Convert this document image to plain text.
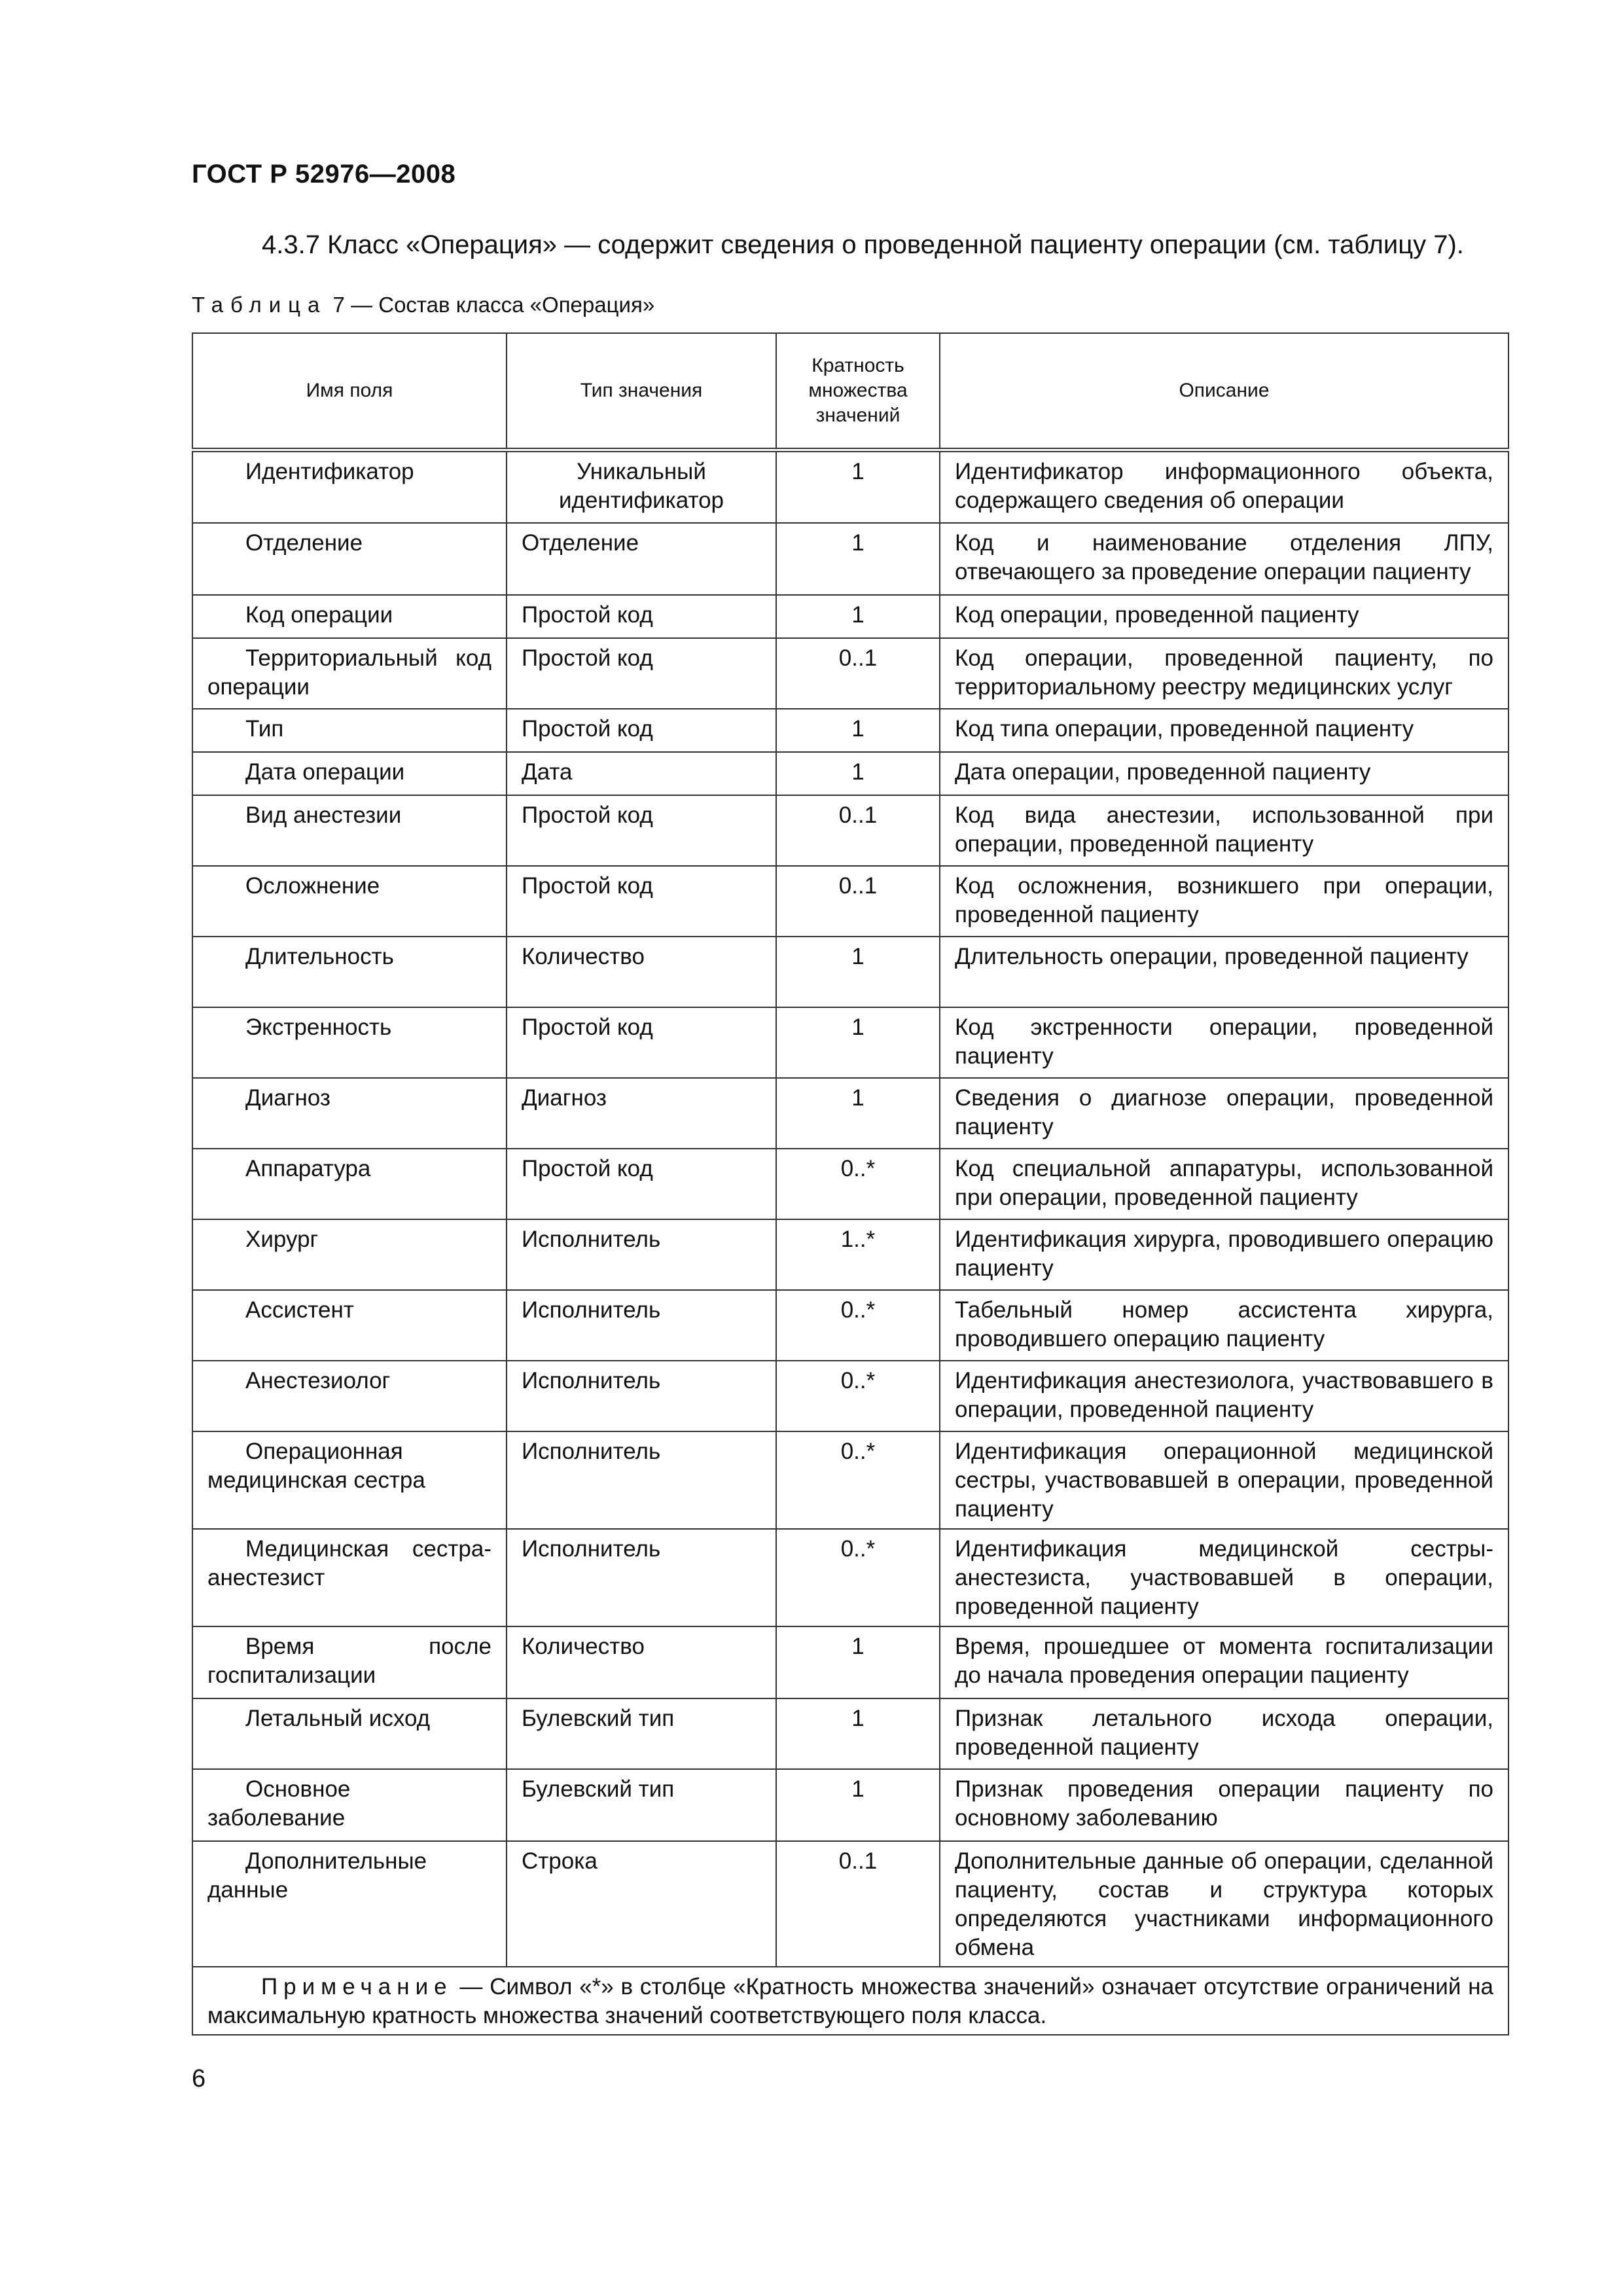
ГОСТ Р 52976—2008
4.3.7 Класс «Операция» — содержит сведения о проведенной пациенту операции (см. таблицу 7).
Таблица 7 — Состав класса «Операция»
Имя поля	Тип значения	Кратность множества значений	Описание
Идентификатор	Уникальный идентификатор	1	Идентификатор информационного объекта, содержащего сведения об операции
Отделение	Отделение	1	Код и наименование отделения ЛПУ, отвечающего за проведение операции пациенту
Код операции	Простой код	1	Код операции, проведенной пациенту
Территориальный код операции	Простой код	0..1	Код операции, проведенной пациенту, по территориальному реестру медицинских услуг
Тип	Простой код	1	Код типа операции, проведенной пациенту
Дата операции	Дата	1	Дата операции, проведенной пациенту
Вид анестезии	Простой код	0..1	Код вида анестезии, использованной при операции, проведенной пациенту
Осложнение	Простой код	0..1	Код осложнения, возникшего при операции, проведенной пациенту
Длительность	Количество	1	Длительность операции, проведенной пациенту
Экстренность	Простой код	1	Код экстренности операции, проведенной пациенту
Диагноз	Диагноз	1	Сведения о диагнозе операции, проведенной пациенту
Аппаратура	Простой код	0..*	Код специальной аппаратуры, использованной при операции, проведенной пациенту
Хирург	Исполнитель	1..*	Идентификация хирурга, проводившего операцию пациенту
Ассистент	Исполнитель	0..*	Табельный номер ассистента хирурга, проводившего операцию пациенту
Анестезиолог	Исполнитель	0..*	Идентификация анестезиолога, участвовавшего в операции, проведенной пациенту
Операционная медицинская сестра	Исполнитель	0..*	Идентификация операционной медицинской сестры, участвовавшей в операции, проведенной пациенту
Медицинская сестра-анестезист	Исполнитель	0..*	Идентификация медицинской сестры-анестезиста, участвовавшей в операции, проведенной пациенту
Время после госпитализации	Количество	1	Время, прошедшее от момента госпитализации до начала проведения операции пациенту
Летальный исход	Булевский тип	1	Признак летального исхода операции, проведенной пациенту
Основное заболевание	Булевский тип	1	Признак проведения операции пациенту по основному заболеванию
Дополнительные данные	Строка	0..1	Дополнительные данные об операции, сделанной пациенту, состав и структура которых определяются участниками информационного обмена
Примечание — Символ «*» в столбце «Кратность множества значений» означает отсутствие ограничений на максимальную кратность множества значений соответствующего поля класса.			
6
